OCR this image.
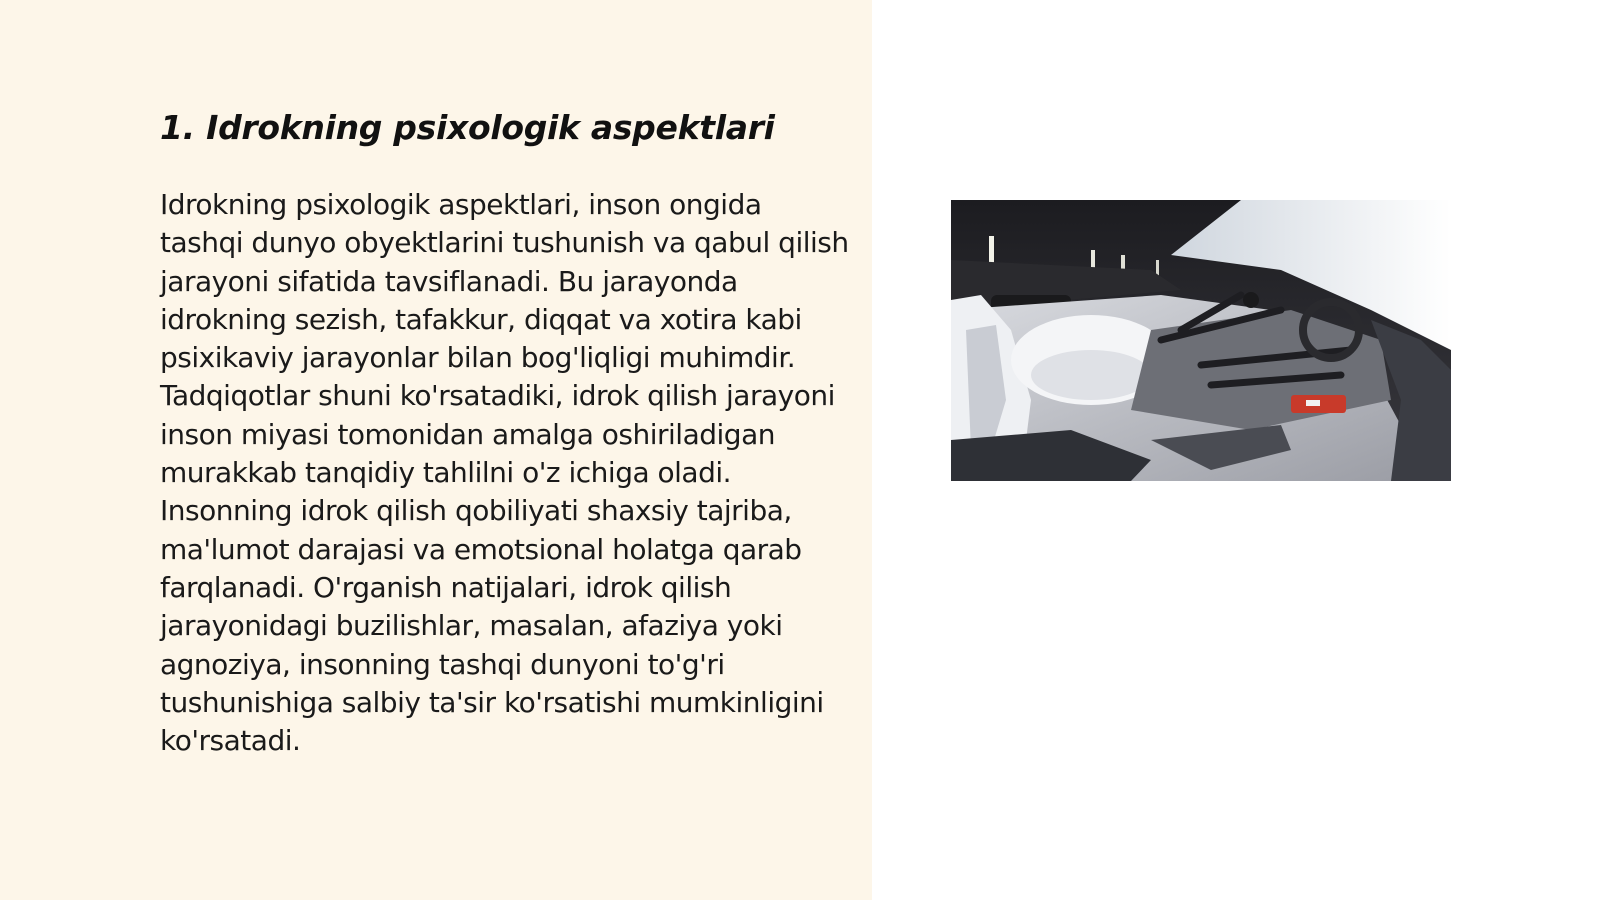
1. Idrokning psixologik aspektlari

Idrokning psixologik aspektlari, inson ongida tashqi dunyo obyektlarini tushunish va qabul qilish jarayoni sifatida tavsiflanadi. Bu jarayonda idrokning sezish, tafakkur, diqqat va xotira kabi psixikaviy jarayonlar bilan bog'liqligi muhimdir. Tadqiqotlar shuni ko'rsatadiki, idrok qilish jarayoni inson miyasi tomonidan amalga oshiriladigan murakkab tanqidiy tahlilni o'z ichiga oladi. Insonning idrok qilish qobiliyati shaxsiy tajriba, ma'lumot darajasi va emotsional holatga qarab farqlanadi. O'rganish natijalari, idrok qilish jarayonidagi buzilishlar, masalan, afaziya yoki agnoziya, insonning tashqi dunyoni to'g'ri tushunishiga salbiy ta'sir ko'rsatishi mumkinligini ko'rsatadi.
